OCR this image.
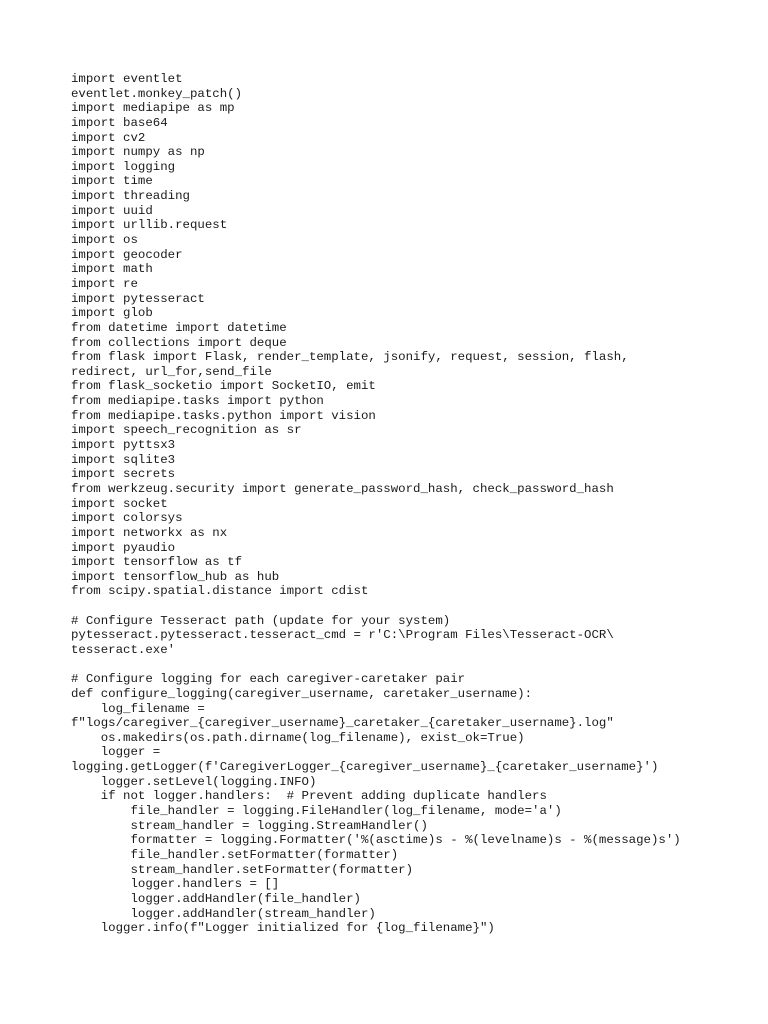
import eventlet
eventlet.monkey_patch()
import mediapipe as mp
import base64
import cv2
import numpy as np
import logging
import time
import threading
import uuid
import urllib.request
import os
import geocoder
import math
import re
import pytesseract
import glob
from datetime import datetime
from collections import deque
from flask import Flask, render_template, jsonify, request, session, flash,
redirect, url_for,send_file
from flask_socketio import SocketIO, emit
from mediapipe.tasks import python
from mediapipe.tasks.python import vision
import speech_recognition as sr
import pyttsx3
import sqlite3
import secrets
from werkzeug.security import generate_password_hash, check_password_hash
import socket
import colorsys
import networkx as nx
import pyaudio
import tensorflow as tf
import tensorflow_hub as hub
from scipy.spatial.distance import cdist
# Configure Tesseract path (update for your system)
pytesseract.pytesseract.tesseract_cmd = r'C:\Program Files\Tesseract-OCR\
tesseract.exe'
# Configure logging for each caregiver-caretaker pair
def configure_logging(caregiver_username, caretaker_username):
log_filename =
f"logs/caregiver_{caregiver_username}_caretaker_{caretaker_username}.log"
os.makedirs(os.path.dirname(log_filename), exist_ok=True)
logger =
logging.getLogger(f'CaregiverLogger_{caregiver_username}_{caretaker_username}')
logger.setLevel(logging.INFO)
if not logger.handlers:  # Prevent adding duplicate handlers
file_handler = logging.FileHandler(log_filename, mode='a')
stream_handler = logging.StreamHandler()
formatter = logging.Formatter('%(asctime)s - %(levelname)s - %(message)s')
file_handler.setFormatter(formatter)
stream_handler.setFormatter(formatter)
logger.handlers = []
logger.addHandler(file_handler)
logger.addHandler(stream_handler)
logger.info(f"Logger initialized for {log_filename}")
